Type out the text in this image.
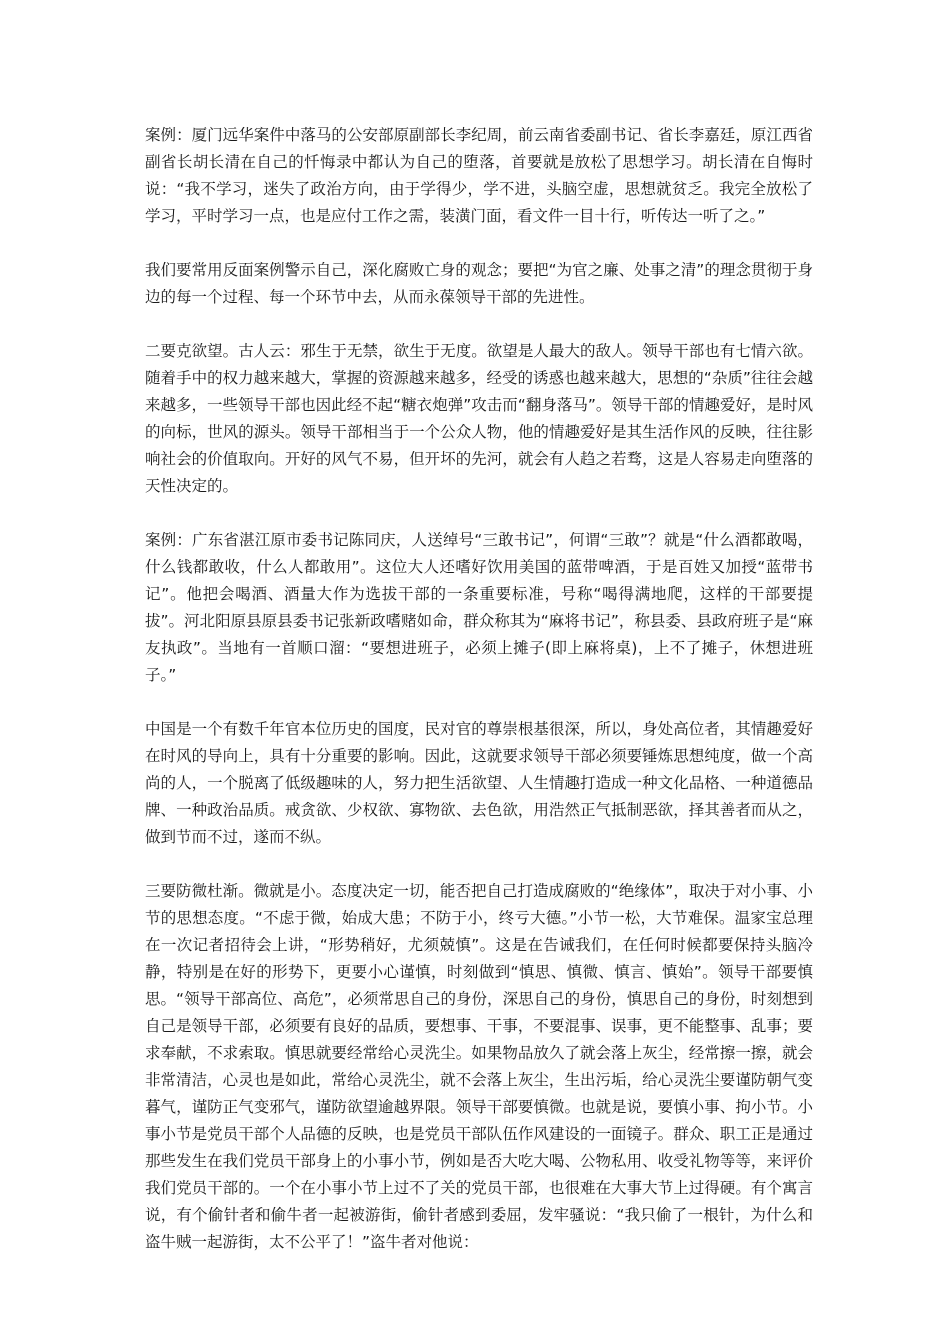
案例：厦门远华案件中落马的公安部原副部长李纪周，前云南省委副书记、省长李嘉廷，原江西省副省长胡长清在自己的忏悔录中都认为自己的堕落，首要就是放松了思想学习。胡长清在自悔时说：“我不学习，迷失了政治方向，由于学得少，学不进，头脑空虚，思想就贫乏。我完全放松了学习，平时学习一点，也是应付工作之需，装潢门面，看文件一目十行，听传达一听了之。”

我们要常用反面案例警示自己，深化腐败亡身的观念；要把“为官之廉、处事之清”的理念贯彻于身边的每一个过程、每一个环节中去，从而永葆领导干部的先进性。

二要克欲望。古人云：邪生于无禁，欲生于无度。欲望是人最大的敌人。领导干部也有七情六欲。随着手中的权力越来越大，掌握的资源越来越多，经受的诱惑也越来越大，思想的“杂质”往往会越来越多，一些领导干部也因此经不起“糖衣炮弹”攻击而“翻身落马”。领导干部的情趣爱好，是时风的向标，世风的源头。领导干部相当于一个公众人物，他的情趣爱好是其生活作风的反映，往往影响社会的价值取向。开好的风气不易，但开坏的先河，就会有人趋之若骛，这是人容易走向堕落的天性决定的。

案例：广东省湛江原市委书记陈同庆，人送绰号“三敢书记”，何谓“三敢”？就是“什么酒都敢喝，什么钱都敢收，什么人都敢用”。这位大人还嗜好饮用美国的蓝带啤酒，于是百姓又加授“蓝带书记”。他把会喝酒、酒量大作为选拔干部的一条重要标准，号称“喝得满地爬，这样的干部要提拔”。河北阳原县原县委书记张新政嗜赌如命，群众称其为“麻将书记”，称县委、县政府班子是“麻友执政”。当地有一首顺口溜：“要想进班子，必须上摊子(即上麻将桌)，上不了摊子，休想进班子。”

中国是一个有数千年官本位历史的国度，民对官的尊崇根基很深，所以，身处高位者，其情趣爱好在时风的导向上，具有十分重要的影响。因此，这就要求领导干部必须要锤炼思想纯度，做一个高尚的人，一个脱离了低级趣味的人，努力把生活欲望、人生情趣打造成一种文化品格、一种道德品牌、一种政治品质。戒贪欲、少权欲、寡物欲、去色欲，用浩然正气抵制恶欲，择其善者而从之，做到节而不过，遂而不纵。

三要防微杜渐。微就是小。态度决定一切，能否把自己打造成腐败的“绝缘体”，取决于对小事、小节的思想态度。“不虑于微，始成大患；不防于小，终亏大德。”小节一松，大节难保。温家宝总理在一次记者招待会上讲，“形势稍好，尤须兢慎”。这是在告诫我们，在任何时候都要保持头脑冷静，特别是在好的形势下，更要小心谨慎，时刻做到“慎思、慎微、慎言、慎始”。领导干部要慎思。“领导干部高位、高危”，必须常思自己的身份，深思自己的身份，慎思自己的身份，时刻想到自己是领导干部，必须要有良好的品质，要想事、干事，不要混事、误事，更不能整事、乱事；要求奉献，不求索取。慎思就要经常给心灵洗尘。如果物品放久了就会落上灰尘，经常擦一擦，就会非常清洁，心灵也是如此，常给心灵洗尘，就不会落上灰尘，生出污垢，给心灵洗尘要谨防朝气变暮气，谨防正气变邪气，谨防欲望逾越界限。领导干部要慎微。也就是说，要慎小事、拘小节。小事小节是党员干部个人品德的反映，也是党员干部队伍作风建设的一面镜子。群众、职工正是通过那些发生在我们党员干部身上的小事小节，例如是否大吃大喝、公物私用、收受礼物等等，来评价我们党员干部的。一个在小事小节上过不了关的党员干部，也很难在大事大节上过得硬。有个寓言说，有个偷针者和偷牛者一起被游街，偷针者感到委屈，发牢骚说：“我只偷了一根针，为什么和盗牛贼一起游街，太不公平了！”盗牛者对他说：
